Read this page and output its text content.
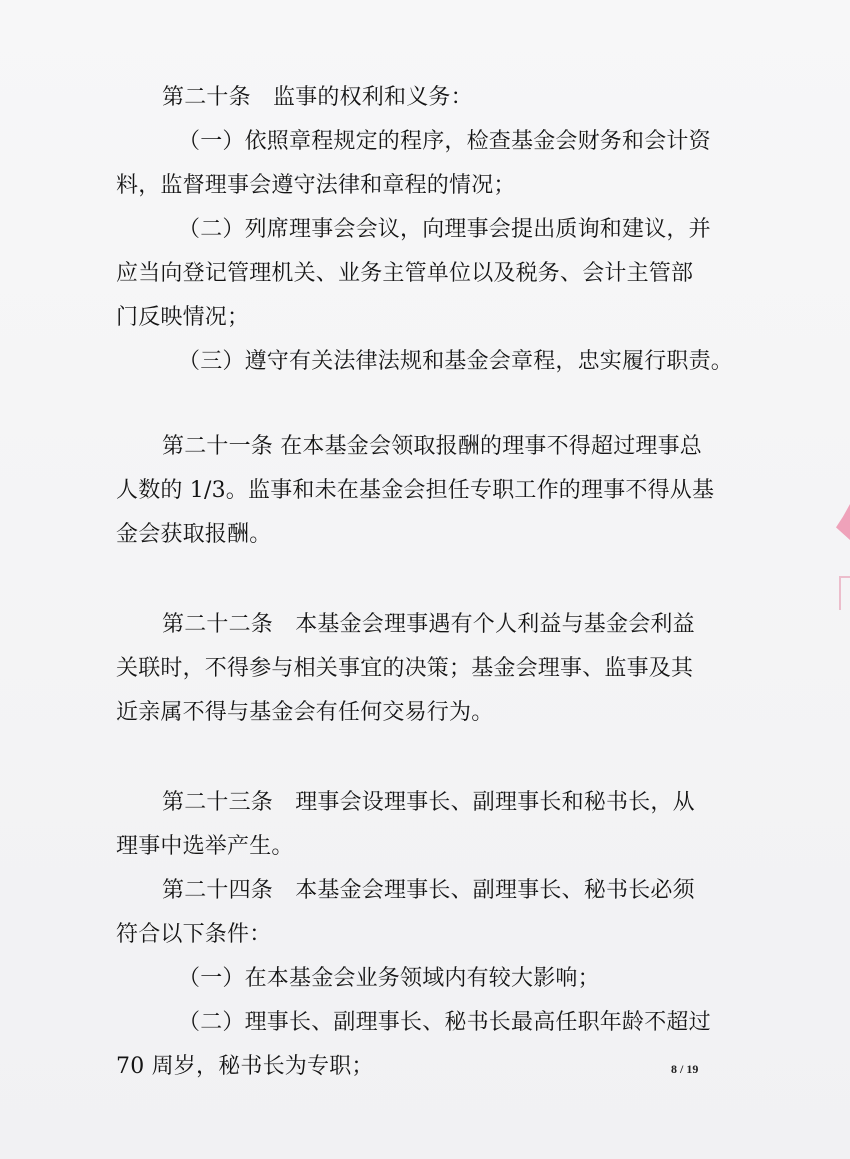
第二十条　监事的权利和义务：
（一）依照章程规定的程序，检查基金会财务和会计资
料，监督理事会遵守法律和章程的情况；
（二）列席理事会会议，向理事会提出质询和建议，并
应当向登记管理机关、业务主管单位以及税务、会计主管部
门反映情况；
（三）遵守有关法律法规和基金会章程，忠实履行职责。
第二十一条 在本基金会领取报酬的理事不得超过理事总
人数的 1/3。监事和未在基金会担任专职工作的理事不得从基
金会获取报酬。
第二十二条　本基金会理事遇有个人利益与基金会利益
关联时，不得参与相关事宜的决策；基金会理事、监事及其
近亲属不得与基金会有任何交易行为。
第二十三条　理事会设理事长、副理事长和秘书长，从
理事中选举产生。
第二十四条　本基金会理事长、副理事长、秘书长必须
符合以下条件：
（一）在本基金会业务领域内有较大影响；
（二）理事长、副理事长、秘书长最高任职年龄不超过
70 周岁，秘书长为专职；	8 / 19
